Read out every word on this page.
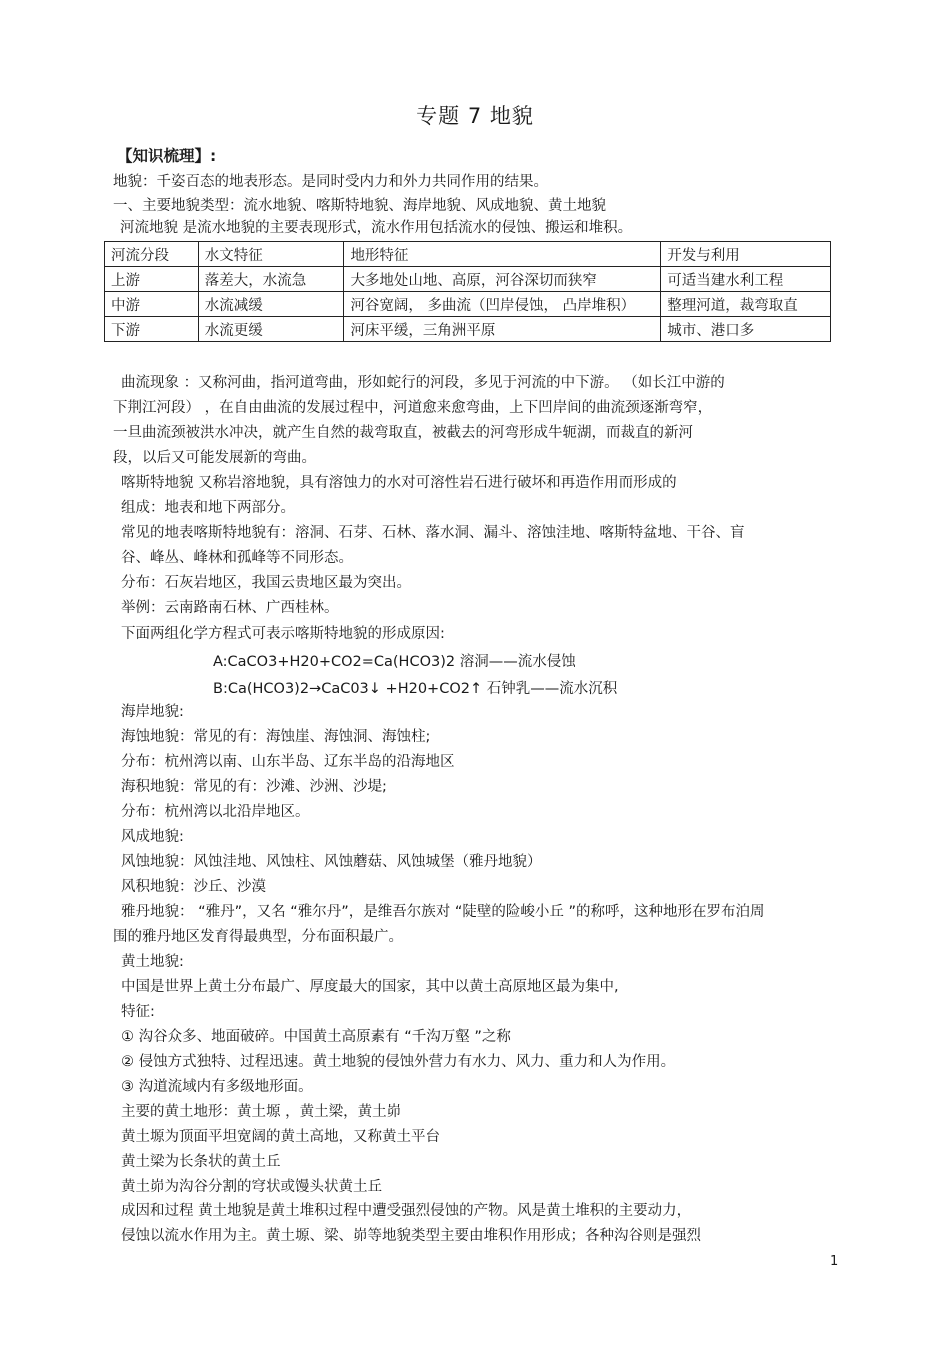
专题 7 地貌
【知识梳理】:
地貌：千姿百态的地表形态。是同时受内力和外力共同作用的结果。
一、主要地貌类型：流水地貌、喀斯特地貌、海岸地貌、风成地貌、黄土地貌
河流地貌 是流水地貌的主要表现形式，流水作用包括流水的侵蚀、搬运和堆积。
河流分段	水文特征	地形特征	开发与利用
上游	落差大，水流急	大多地处山地、高原，河谷深切而狭窄	可适当建水利工程
中游	水流减缓	河谷宽阔， 多曲流（凹岸侵蚀， 凸岸堆积）	整理河道，裁弯取直
下游	水流更缓	河床平缓，三角洲平原	城市、港口多
曲流现象 ：又称河曲，指河道弯曲，形如蛇行的河段，多见于河流的中下游。 （如长江中游的
下荆江河段） ，在自由曲流的发展过程中，河道愈来愈弯曲，上下凹岸间的曲流颈逐渐弯窄，
一旦曲流颈被洪水冲决，就产生自然的裁弯取直，被截去的河弯形成牛轭湖，而裁直的新河
段，以后又可能发展新的弯曲。
喀斯特地貌 又称岩溶地貌，具有溶蚀力的水对可溶性岩石进行破坏和再造作用而形成的
组成：地表和地下两部分。
常见的地表喀斯特地貌有：溶洞、石芽、石林、落水洞、漏斗、溶蚀洼地、喀斯特盆地、干谷、盲
谷、峰丛、峰林和孤峰等不同形态。
分布：石灰岩地区，我国云贵地区最为突出。
举例：云南路南石林、广西桂林。
下面两组化学方程式可表示喀斯特地貌的形成原因:
A:CaCO3+H20+CO2=Ca(HCO3)2 溶洞——流水侵蚀
B:Ca(HCO3)2→CaC03↓ +H20+CO2↑ 石钟乳——流水沉积
海岸地貌:
海蚀地貌：常见的有：海蚀崖、海蚀洞、海蚀柱;
分布：杭州湾以南、山东半岛、辽东半岛的沿海地区
海积地貌：常见的有：沙滩、沙洲、沙堤;
分布：杭州湾以北沿岸地区。
风成地貌:
风蚀地貌：风蚀洼地、风蚀柱、风蚀蘑菇、风蚀城堡（雅丹地貌）
风积地貌：沙丘、沙漠
雅丹地貌： “雅丹”，又名 “雅尔丹”，是维吾尔族对 “陡壁的险峻小丘 ”的称呼，这种地形在罗布泊周
围的雅丹地区发育得最典型，分布面积最广。
黄土地貌:
中国是世界上黄土分布最广、厚度最大的国家，其中以黄土高原地区最为集中,
特征:
① 沟谷众多、地面破碎。中国黄土高原素有 “千沟万壑 ”之称
② 侵蚀方式独特、过程迅速。黄土地貌的侵蚀外营力有水力、风力、重力和人为作用。
③ 沟道流域内有多级地形面。
主要的黄土地形：黄土塬 ，黄土梁，黄土峁
黄土塬为顶面平坦宽阔的黄土高地，又称黄土平台
黄土梁为长条状的黄土丘
黄土峁为沟谷分割的穹状或馒头状黄土丘
成因和过程 黄土地貌是黄土堆积过程中遭受强烈侵蚀的产物。风是黄土堆积的主要动力，
侵蚀以流水作用为主。黄土塬、梁、峁等地貌类型主要由堆积作用形成；各种沟谷则是强烈
1
